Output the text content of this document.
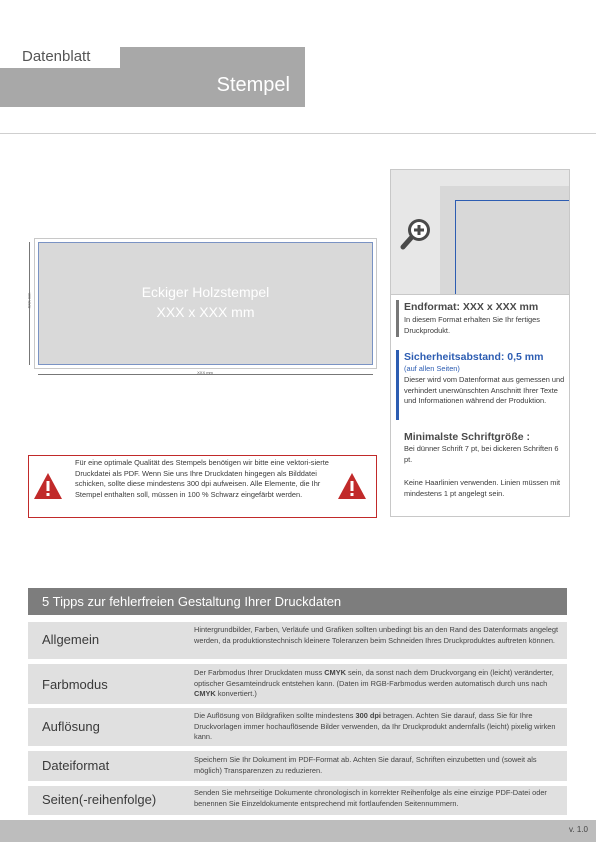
Datenblatt
Stempel
Eckiger Holzstempel
XXX x XXX mm
XXX mm
XXX mm
Für eine optimale Qualität des Stempels benötigen wir bitte eine vektori-sierte Druckdatei als PDF. Wenn Sie uns Ihre Druckdaten hingegen als Bilddatei schicken, sollte diese mindestens 300 dpi aufweisen. Alle Elemente, die Ihr Stempel enthalten soll, müssen in 100 % Schwarz eingefärbt werden.
Endformat: XXX x XXX mm
In diesem Format erhalten Sie Ihr fertiges Druckprodukt.
Sicherheitsabstand: 0,5 mm
(auf allen Seiten)
Dieser wird vom Datenformat aus gemessen und verhindert unerwünschten Anschnitt Ihrer Texte und Informationen während der Produktion.
Minimalste Schriftgröße :
Bei dünner Schrift 7 pt, bei dickeren Schriften 6 pt.
Keine Haarlinien verwenden. Linien müssen mit mindestens 1 pt angelegt sein.
5 Tipps zur fehlerfreien Gestaltung Ihrer Druckdaten
Allgemein
Hintergrundbilder, Farben, Verläufe und Grafiken sollten unbedingt bis an den Rand des Datenformats angelegt werden, da produktionstechnisch kleinere Toleranzen beim Schneiden Ihres Druckproduktes auftreten können.
Farbmodus
Der Farbmodus Ihrer Druckdaten muss CMYK sein, da sonst nach dem Druckvorgang ein (leicht) veränderter, optischer Gesamteindruck entstehen kann. (Daten im RGB-Farbmodus werden automatisch durch uns nach CMYK konvertiert.)
Auflösung
Die Auflösung von Bildgrafiken sollte mindestens 300 dpi betragen. Achten Sie darauf, dass Sie für Ihre Druckvorlagen immer hochauflösende Bilder verwenden, da Ihr Druckprodukt andernfalls (leicht) pixelig wirken kann.
Dateiformat	Speichern Sie Ihr Dokument im PDF-Format ab. Achten Sie darauf, Schriften einzubetten und (soweit als möglich) Transparenzen zu reduzieren.
Seiten(-reihenfolge)	Senden Sie mehrseitige Dokumente chronologisch in korrekter Reihenfolge als eine einzige PDF-Datei oder benennen Sie Einzeldokumente entsprechend mit fortlaufenden Seitennummern.
v. 1.0
